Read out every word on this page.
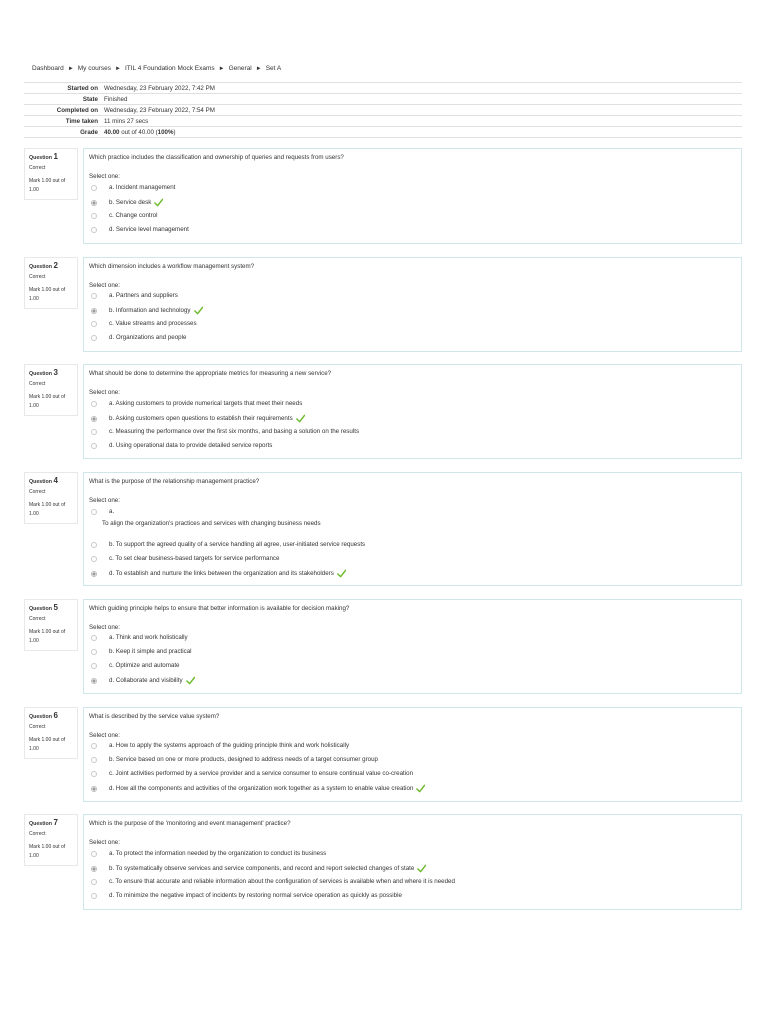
Dashboard ► My courses ► ITIL 4 Foundation Mock Exams ► General ► Set A
Started on	Wednesday, 23 February 2022, 7:42 PM
State	Finished
Completed on	Wednesday, 23 February 2022, 7:54 PM
Time taken	11 mins 27 secs
Grade	40.00 out of 40.00 (100%)
Question 1
Correct
Mark 1.00 out of 1.00
Which practice includes the classification and ownership of queries and requests from users?
Select one:
a. Incident management
b. Service desk
c. Change control
d. Service level management
Question 2
Correct
Mark 1.00 out of 1.00
Which dimension includes a workflow management system?
Select one:
a. Partners and suppliers
b. Information and technology
c. Value streams and processes
d. Organizations and people
Question 3
Correct
Mark 1.00 out of 1.00
What should be done to determine the appropriate metrics for measuring a new service?
Select one:
a. Asking customers to provide numerical targets that meet their needs
b. Asking customers open questions to establish their requirements
c. Measuring the performance over the first six months, and basing a solution on the results
d. Using operational data to provide detailed service reports
Question 4
Correct
Mark 1.00 out of 1.00
What is the purpose of the relationship management practice?
Select one:
a.
b. To support the agreed quality of a service handling all agree, user-initiated service requests
c. To set clear business-based targets for service performance
d. To establish and nurture the links between the organization and its stakeholders
To align the organization's practices and services with changing business needs
Question 5
Correct
Mark 1.00 out of 1.00
Which guiding principle helps to ensure that better information is available for decision making?
Select one:
a. Think and work holistically
b. Keep it simple and practical
c. Optimize and automate
d. Collaborate and visibility
Question 6
Correct
Mark 1.00 out of 1.00
What is described by the service value system?
Select one:
a. How to apply the systems approach of the guiding principle think and work holistically
b. Service based on one or more products, designed to address needs of a target consumer group
c. Joint activities performed by a service provider and a service consumer to ensure continual value co-creation
d. How all the components and activities of the organization work together as a system to enable value creation
Question 7
Correct
Mark 1.00 out of 1.00
Which is the purpose of the 'monitoring and event management' practice?
Select one:
a. To protect the information needed by the organization to conduct its business
b. To systematically observe services and service components, and record and report selected changes of state
c. To ensure that accurate and reliable information about the configuration of services is available when and where it is needed
d. To minimize the negative impact of incidents by restoring normal service operation as quickly as possible
